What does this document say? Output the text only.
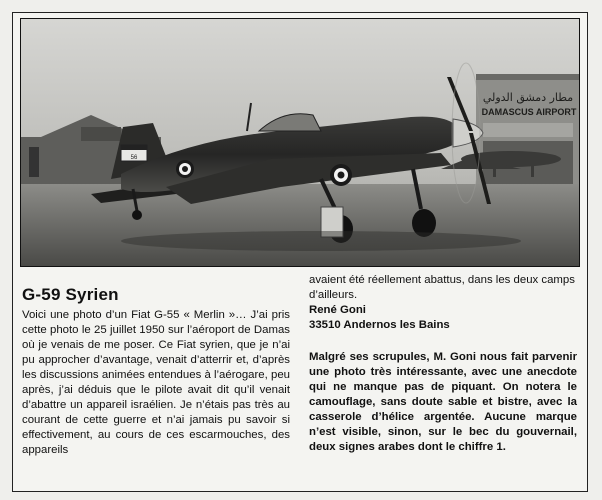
مطار دمشق الدولي
DAMASCUS AIRPORT
56
G-59 Syrien

Voici une photo d’un Fiat G-55 « Merlin »… J’ai pris cette photo le 25 juillet 1950 sur l’aéroport de Damas où je venais de me poser. Ce Fiat syrien, que je n’ai pu approcher d’avantage, venait d’atterrir et, d’après les discussions animées entendues à l’aérogare, peu après, j’ai déduis que le pilote avait dit qu’il venait d’abattre un appareil israélien. Je n’étais pas très au courant de cette guerre et n’ai jamais pu savoir si effectivement, au cours de ces escarmouches, des appareils

avaient été réellement abattus, dans les deux camps d’ailleurs.

René Goni
33510 Andernos les Bains

Malgré ses scrupules, M. Goni nous fait parvenir une photo très intéressante, avec une anecdote qui ne manque pas de piquant. On notera le camouflage, sans doute sable et bistre, avec la casserole d’hélice argentée. Aucune marque n’est visible, sinon, sur le bec du gouvernail, deux signes arabes dont le chiffre 1.
